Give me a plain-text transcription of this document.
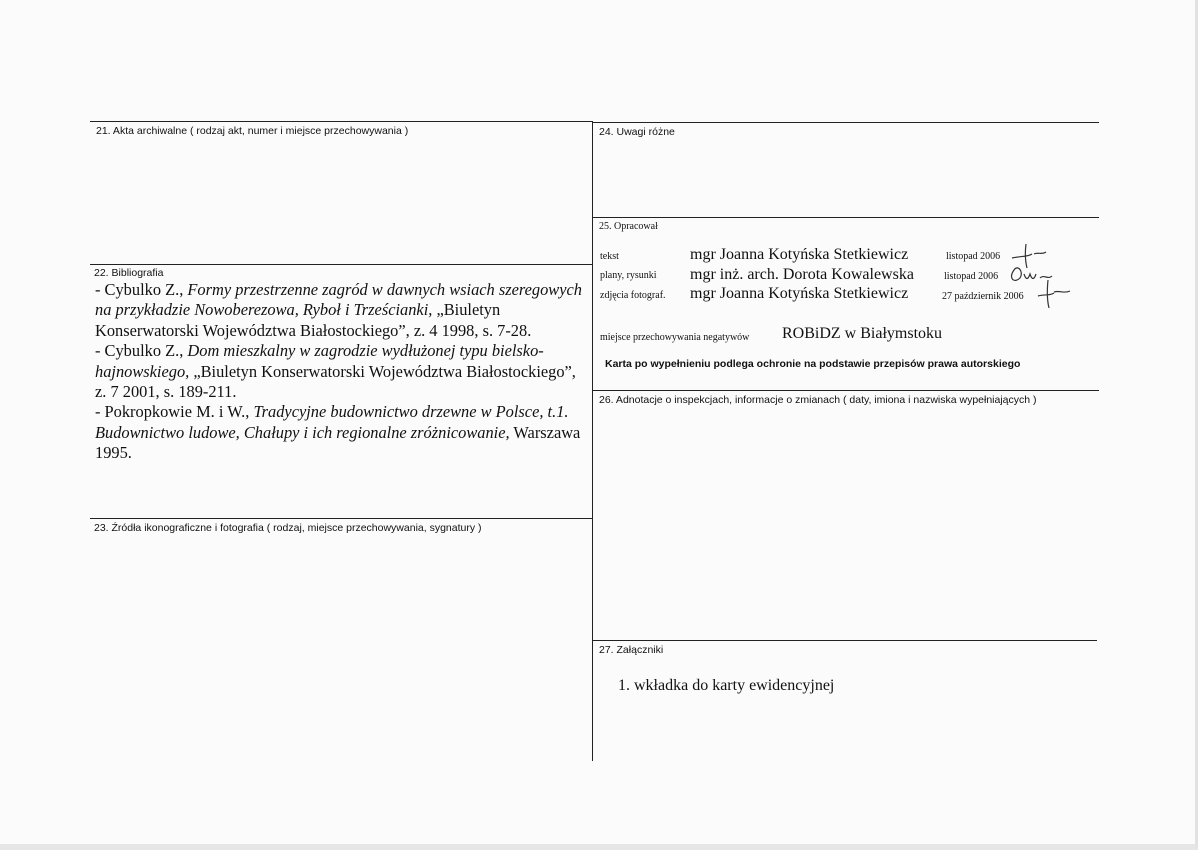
21. Akta archiwalne ( rodzaj akt, numer i miejsce przechowywania )
22. Bibliografia

- Cybulko Z., Formy przestrzenne zagród w dawnych wsiach szeregowych na przykładzie Nowoberezowa, Ryboł i Trześcianki, „Biuletyn Konserwatorski Województwa Białostockiego”, z. 4 1998, s. 7-28.

- Cybulko Z., Dom mieszkalny w zagrodzie wydłużonej typu bielsko-hajnowskiego, „Biuletyn Konserwatorski Województwa Białostockiego”, z. 7 2001, s. 189-211.

- Pokropkowie M. i W., Tradycyjne budownictwo drzewne w Polsce, t.1. Budownictwo ludowe, Chałupy i ich regionalne zróżnicowanie, Warszawa 1995.

23. Źródła ikonograficzne i fotografia ( rodzaj, miejsce przechowywania, sygnatury )
24. Uwagi różne
25. Opracował
tekst	mgr Joanna Kotyńska Stetkiewicz	listopad 2006
plany, rysunki mgr inż. arch. Dorota Kowalewska	listopad 2006
zdjęcia fotograf. mgr Joanna Kotyńska Stetkiewicz	27 październik 2006
miejsce przechowywania negatywów ROBiDZ w Białymstoku
Karta po wypełnieniu podlega ochronie na podstawie przepisów prawa autorskiego
26. Adnotacje o inspekcjach, informacje o zmianach ( daty, imiona i nazwiska wypełniających )
27. Załączniki
1. wkładka do karty ewidencyjnej
